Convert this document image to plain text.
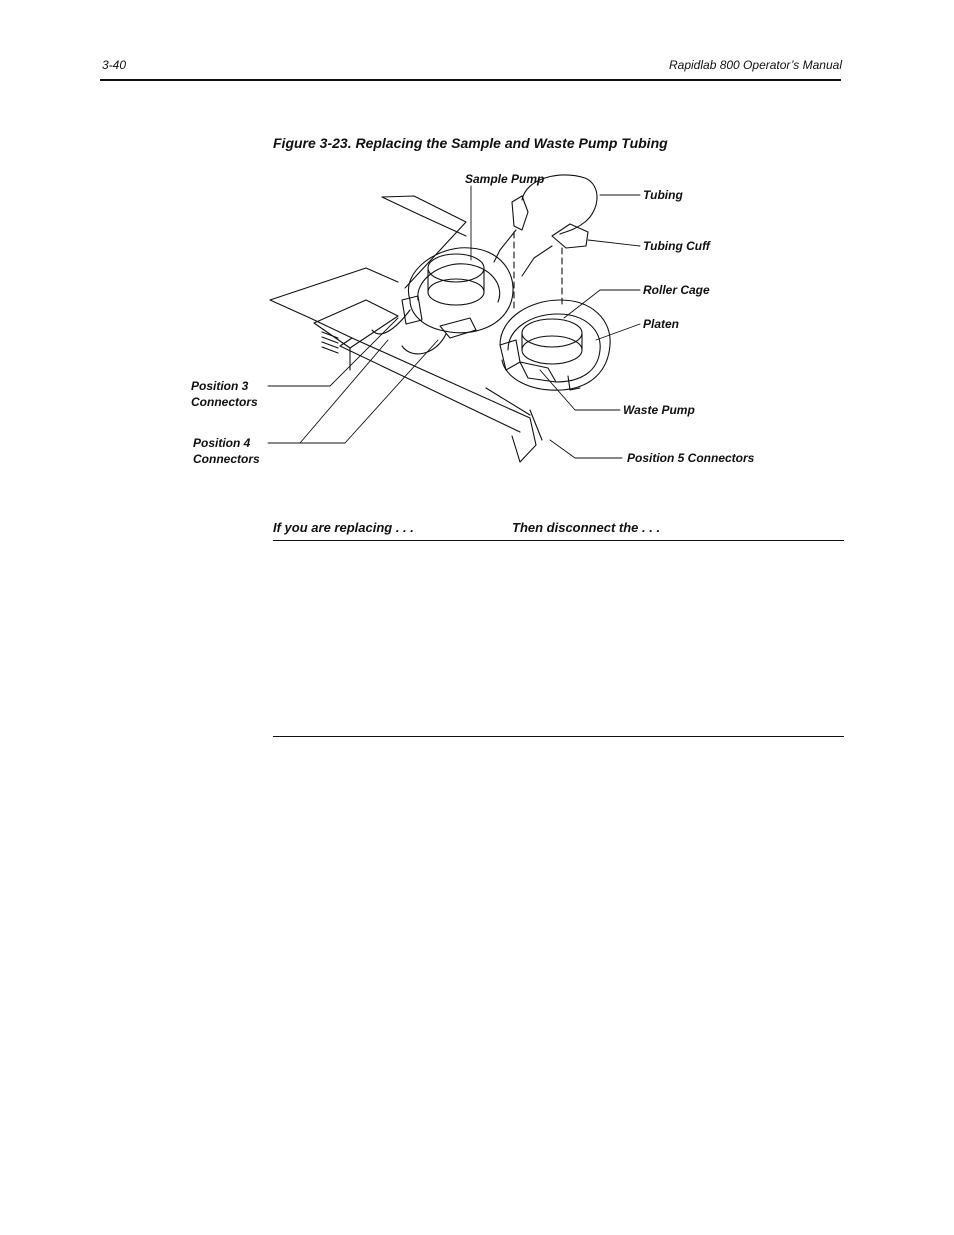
3-40	Rapidlab 800 Operator’s Manual
Figure 3-23. Replacing the Sample and Waste Pump Tubing
Sample Pump
Tubing
Tubing Cuff
Roller Cage
Platen
Waste Pump
Position 3
Connectors
Position 4
Connectors	Position 5 Connectors
If you are replacing . . .	Then disconnect the . . .
